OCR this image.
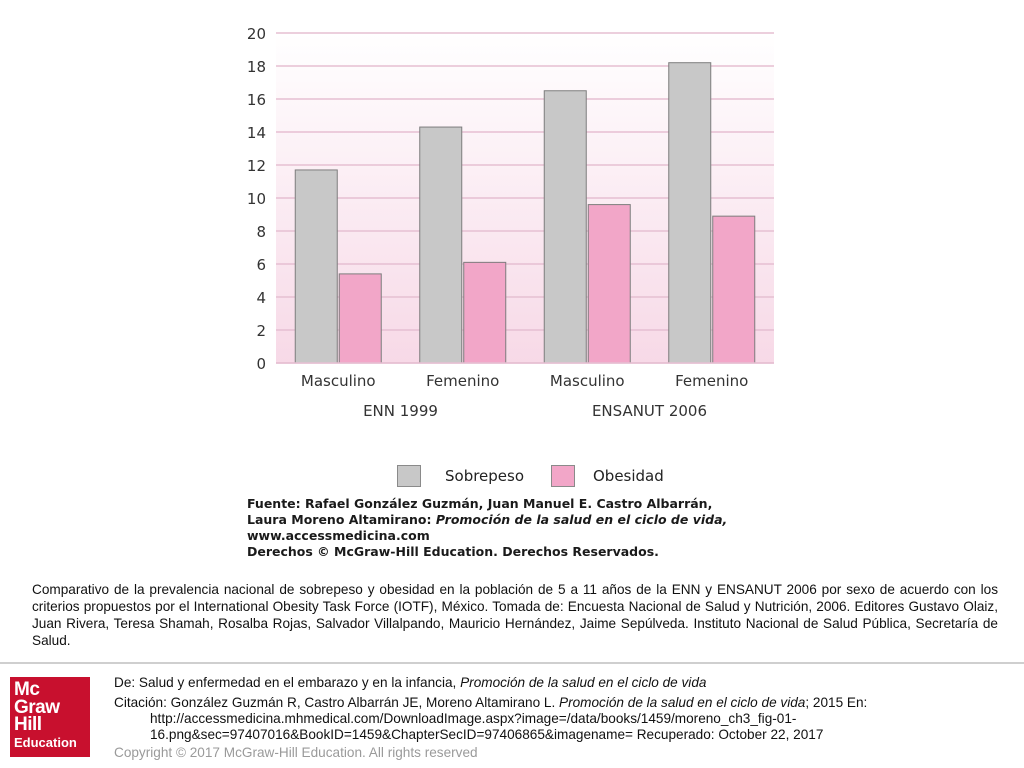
0
2
4
6
8
10
12
14
16
18
20
Masculino	Femenino	Masculino	Femenino
ENN 1999	ENSANUT 2006
Sobrepeso	Obesidad
Fuente: Rafael González Guzmán, Juan Manuel E. Castro Albarrán,
Laura Moreno Altamirano: Promoción de la salud en el ciclo de vida,
www.accessmedicina.com
Derechos © McGraw-Hill Education. Derechos Reservados.
Comparativo de la prevalencia nacional de sobrepeso y obesidad en la población de 5 a 11 años de la ENN y ENSANUT 2006 por sexo de acuerdo con los criterios propuestos por el International Obesity Task Force (IOTF), México. Tomada de: Encuesta Nacional de Salud y Nutrición, 2006. Editores Gustavo Olaiz, Juan Rivera, Teresa Shamah, Rosalba Rojas, Salvador Villalpando, Mauricio Hernández, Jaime Sepúlveda. Instituto Nacional de Salud Pública, Secretaría de Salud.
Mc
Graw
Hill
Education
De: Salud y enfermedad en el embarazo y en la infancia, Promoción de la salud en el ciclo de vida
Citación: González Guzmán R, Castro Albarrán JE, Moreno Altamirano L. Promoción de la salud en el ciclo de vida; 2015 En:
http://accessmedicina.mhmedical.com/DownloadImage.aspx?image=/data/books/1459/moreno_ch3_fig-01-
16.png&sec=97407016&BookID=1459&ChapterSecID=97406865&imagename= Recuperado: October 22, 2017
Copyright © 2017 McGraw-Hill Education. All rights reserved
